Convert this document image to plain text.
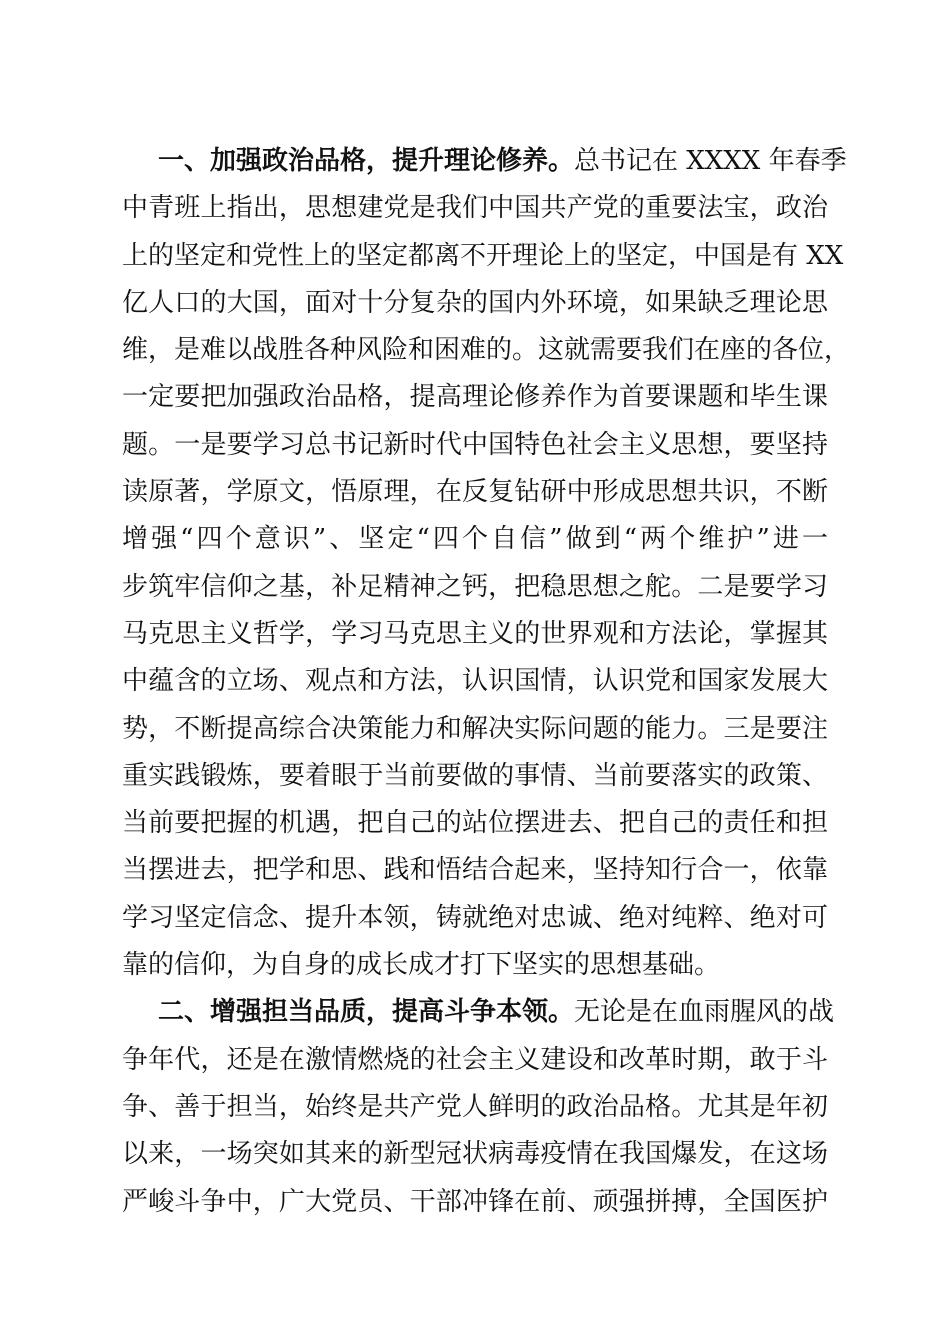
一、加强政治品格，提升理论修养。总书记在 XXXX 年春季
中青班上指出，思想建党是我们中国共产党的重要法宝，政治
上的坚定和党性上的坚定都离不开理论上的坚定，中国是有 XX
亿人口的大国，面对十分复杂的国内外环境，如果缺乏理论思
维，是难以战胜各种风险和困难的。这就需要我们在座的各位，
一定要把加强政治品格，提高理论修养作为首要课题和毕生课
题。一是要学习总书记新时代中国特色社会主义思想，要坚持
读原著，学原文，悟原理，在反复钻研中形成思想共识，不断
增强“四个意识”、坚定“四个自信”做到“两个维护”进一
步筑牢信仰之基，补足精神之钙，把稳思想之舵。二是要学习
马克思主义哲学，学习马克思主义的世界观和方法论，掌握其
中蕴含的立场、观点和方法，认识国情，认识党和国家发展大
势，不断提高综合决策能力和解决实际问题的能力。三是要注
重实践锻炼，要着眼于当前要做的事情、当前要落实的政策、
当前要把握的机遇，把自己的站位摆进去、把自己的责任和担
当摆进去，把学和思、践和悟结合起来，坚持知行合一，依靠
学习坚定信念、提升本领，铸就绝对忠诚、绝对纯粹、绝对可
靠的信仰，为自身的成长成才打下坚实的思想基础。
二、增强担当品质，提高斗争本领。无论是在血雨腥风的战
争年代，还是在激情燃烧的社会主义建设和改革时期，敢于斗
争、善于担当，始终是共产党人鲜明的政治品格。尤其是年初
以来，一场突如其来的新型冠状病毒疫情在我国爆发，在这场
严峻斗争中，广大党员、干部冲锋在前、顽强拼搏，全国医护
